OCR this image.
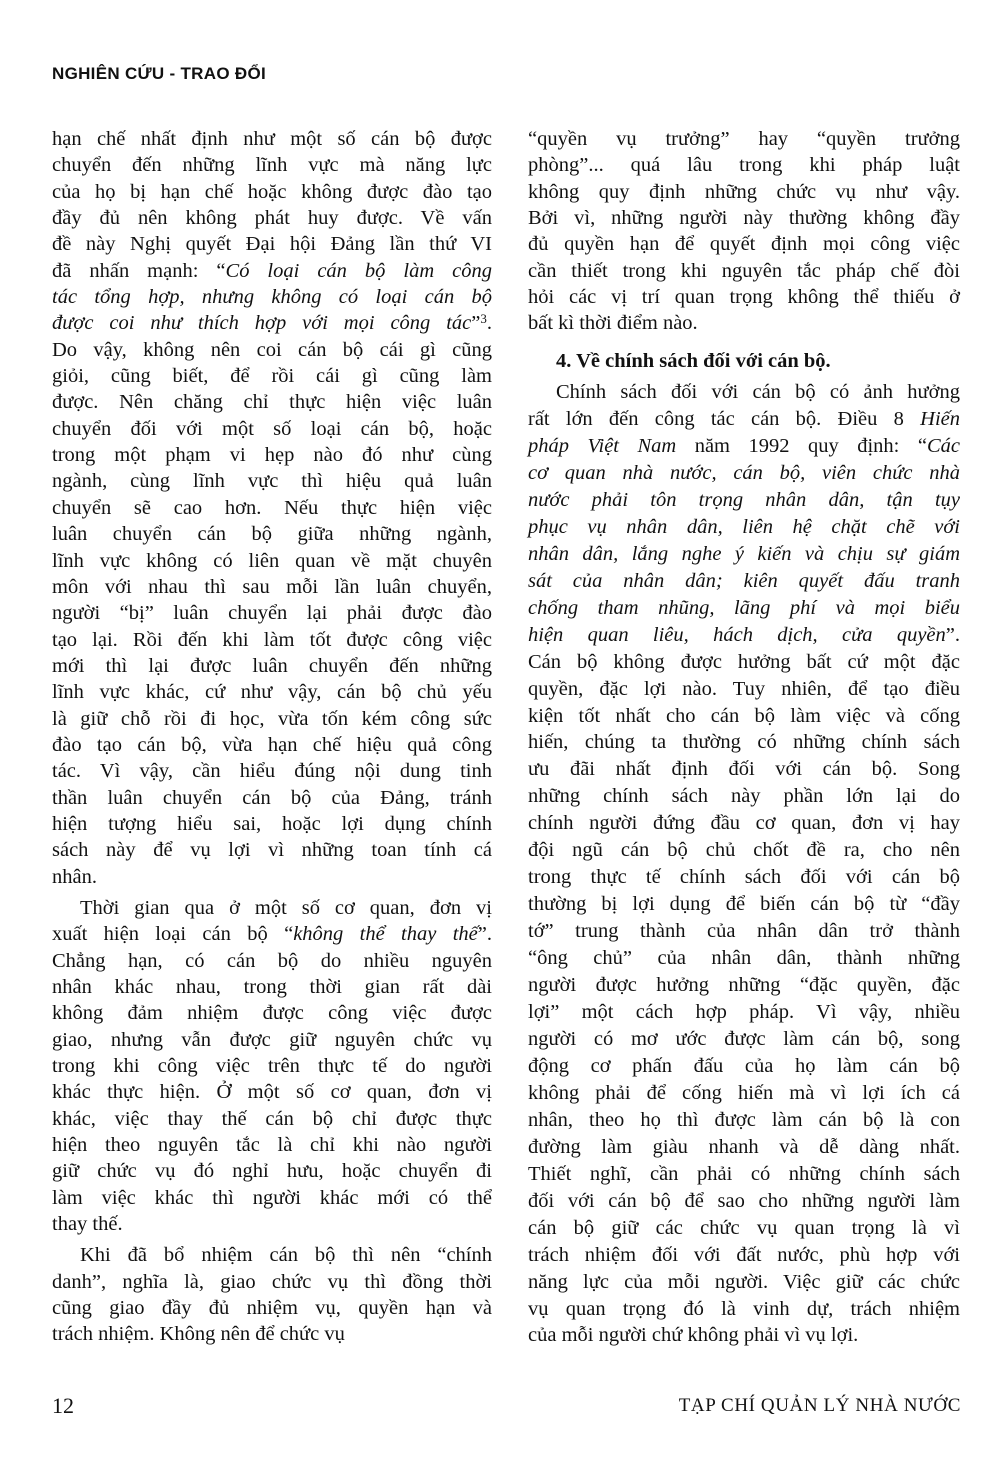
NGHIÊN CỨU - TRAO ĐỔI
hạn chế nhất định như một số cán bộ được
chuyển đến những lĩnh vực mà năng lực
của họ bị hạn chế hoặc không được đào tạo
đầy đủ nên không phát huy được. Về vấn
đề này Nghị quyết Đại hội Đảng lần thứ VI
đã nhấn mạnh: “Có loại cán bộ làm công
tác tổng hợp, nhưng không có loại cán bộ
được coi như thích hợp với mọi công tác”$^3$.
Do vậy, không nên coi cán bộ cái gì cũng
giỏi, cũng biết, để rồi cái gì cũng làm
được. Nên chăng chỉ thực hiện việc luân
chuyển đối với một số loại cán bộ, hoặc
trong một phạm vi hẹp nào đó như cùng
ngành, cùng lĩnh vực thì hiệu quả luân
chuyển sẽ cao hơn. Nếu thực hiện việc
luân chuyển cán bộ giữa những ngành,
lĩnh vực không có liên quan về mặt chuyên
môn với nhau thì sau mỗi lần luân chuyển,
người “bị” luân chuyển lại phải được đào
tạo lại. Rồi đến khi làm tốt được công việc
mới thì lại được luân chuyển đến những
lĩnh vực khác, cứ như vậy, cán bộ chủ yếu
là giữ chỗ rồi đi học, vừa tốn kém công sức
đào tạo cán bộ, vừa hạn chế hiệu quả công
tác. Vì vậy, cần hiểu đúng nội dung tinh
thần luân chuyển cán bộ của Đảng, tránh
hiện tượng hiểu sai, hoặc lợi dụng chính
sách này để vụ lợi vì những toan tính cá
nhân.
Thời gian qua ở một số cơ quan, đơn vị
xuất hiện loại cán bộ “không thể thay thế”.
Chẳng hạn, có cán bộ do nhiều nguyên
nhân khác nhau, trong thời gian rất dài
không đảm nhiệm được công việc được
giao, nhưng vẫn được giữ nguyên chức vụ
trong khi công việc trên thực tế do người
khác thực hiện. Ở một số cơ quan, đơn vị
khác, việc thay thế cán bộ chỉ được thực
hiện theo nguyên tắc là chỉ khi nào người
giữ chức vụ đó nghỉ hưu, hoặc chuyển đi
làm việc khác thì người khác mới có thể
thay thế.
Khi đã bổ nhiệm cán bộ thì nên “chính
danh”, nghĩa là, giao chức vụ thì đồng thời
cũng giao đầy đủ nhiệm vụ, quyền hạn và
trách nhiệm. Không nên để chức vụ
“quyền vụ trưởng” hay “quyền trưởng
phòng”... quá lâu trong khi pháp luật
không quy định những chức vụ như vậy.
Bởi vì, những người này thường không đầy
đủ quyền hạn để quyết định mọi công việc
cần thiết trong khi nguyên tắc pháp chế đòi
hỏi các vị trí quan trọng không thể thiếu ở
bất kì thời điểm nào.
4. Về chính sách đối với cán bộ.
Chính sách đối với cán bộ có ảnh hưởng
rất lớn đến công tác cán bộ. Điều 8 Hiến
pháp Việt Nam năm 1992 quy định: “Các
cơ quan nhà nước, cán bộ, viên chức nhà
nước phải tôn trọng nhân dân, tận tụy
phục vụ nhân dân, liên hệ chặt chẽ với
nhân dân, lắng nghe ý kiến và chịu sự giám
sát của nhân dân; kiên quyết đấu tranh
chống tham nhũng, lãng phí và mọi biểu
hiện quan liêu, hách dịch, cửa quyền”.
Cán bộ không được hưởng bất cứ một đặc
quyền, đặc lợi nào. Tuy nhiên, để tạo điều
kiện tốt nhất cho cán bộ làm việc và cống
hiến, chúng ta thường có những chính sách
ưu đãi nhất định đối với cán bộ. Song
những chính sách này phần lớn lại do
chính người đứng đầu cơ quan, đơn vị hay
đội ngũ cán bộ chủ chốt đề ra, cho nên
trong thực tế chính sách đối với cán bộ
thường bị lợi dụng để biến cán bộ từ “đầy
tớ” trung thành của nhân dân trở thành
“ông chủ” của nhân dân, thành những
người được hưởng những “đặc quyền, đặc
lợi” một cách hợp pháp. Vì vậy, nhiều
người có mơ ước được làm cán bộ, song
động cơ phấn đấu của họ làm cán bộ
không phải để cống hiến mà vì lợi ích cá
nhân, theo họ thì được làm cán bộ là con
đường làm giàu nhanh và dễ dàng nhất.
Thiết nghĩ, cần phải có những chính sách
đối với cán bộ để sao cho những người làm
cán bộ giữ các chức vụ quan trọng là vì
trách nhiệm đối với đất nước, phù hợp với
năng lực của mỗi người. Việc giữ các chức
vụ quan trọng đó là vinh dự, trách nhiệm
của mỗi người chứ không phải vì vụ lợi.
12	TẠP CHÍ QUẢN LÝ NHÀ NƯỚC
